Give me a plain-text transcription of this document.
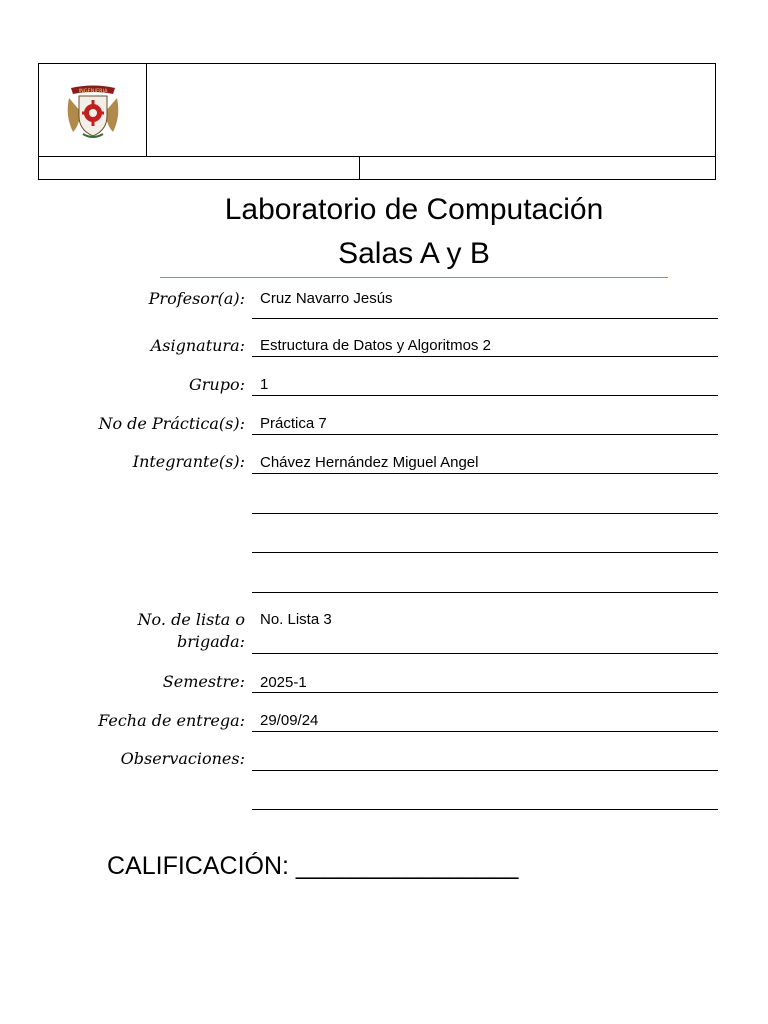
INGENIERIA
Laboratorio de Computación
Salas A y B
Profesor(a): Cruz Navarro Jesús
Asignatura: Estructura de Datos y Algoritmos 2
Grupo: 1
No de Práctica(s): Práctica 7
Integrante(s): Chávez Hernández Miguel Angel
No. de lista o
brigada:
No. Lista 3
Semestre: 2025-1
Fecha de entrega: 29/09/24
Observaciones:
CALIFICACIÓN: ________________
